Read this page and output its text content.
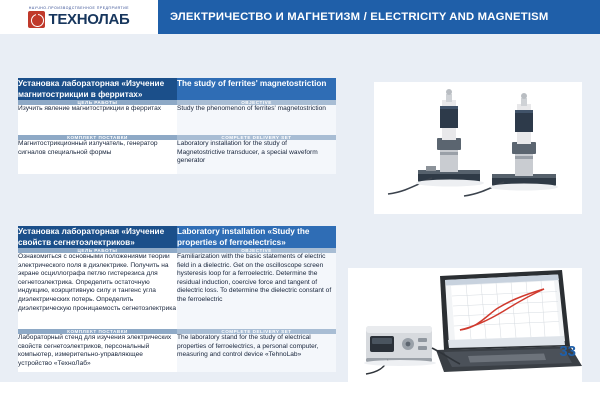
НАУЧНО-ПРОИЗВОДСТВЕННОЕ ПРЕДПРИЯТИЕ
ТЕХНОЛАБ	ЭЛЕКТРИЧЕСТВО И МАГНЕТИЗМ / ELECTRICITY AND MAGNETISM
Установка лабораторная «Изучение магнитострикции в ферритах»	The study of ferrites' magnetostriction
ЦЕЛЬ РАБОТЫ	OBJECTIVE
Изучить явление магнитострикции в ферритах	Study the phenomenon of ferrites' magnetostriction
КОМПЛЕКТ ПОСТАВКИ	COMPLETE DELIVERY SET
Магнитострикционный излучатель, генератор сигналов специальной формы	Laboratory installation for the study of Magnetostrictive transducer, a special waveform generator
Установка лабораторная «Изучение свойств сегнетоэлектриков»	Laboratory installation «Study the properties of ferroelectrics»
ЦЕЛЬ РАБОТЫ	OBJECTIVE
Ознакомиться с основными положениями теории электрического поля в диэлектрике. Получить на экране осциллографа петлю гистерезиса для сегнетоэлектрика. Определить остаточную индукцию, коэрцитивную силу и тангенс угла диэлектрических потерь. Определить диэлектрическую проницаемость сегнетоэлектрика	Familiarization with the basic statements of electric field in a dielectric. Get on the oscilloscope screen hysteresis loop for a ferroelectric. Determine the residual induction, coercive force and tangent of dielectric loss. To determine the dielectric constant of the ferroelectric
КОМПЛЕКТ ПОСТАВКИ	COMPLETE DELIVERY SET
Лабораторный стенд для изучения электрических свойств сегнетоэлектриков, персональный компьютер, измерительно-управляющее устройство «ТехноЛаб»	The laboratory stand for the study of electrical properties of ferroelectrics, a personal computer, measuring and control device «TehnoLab»	33
